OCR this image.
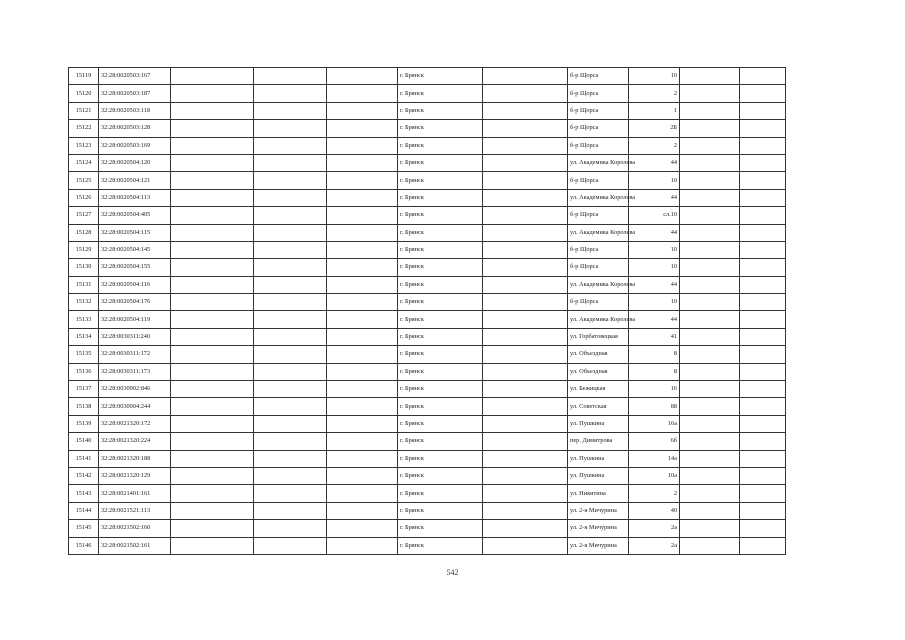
15119	32:28:0020503:167				г. Брянск		б-р Щорса	10		
15120	32:28:0020503:187				г. Брянск		б-р Щорса	2		
15121	32:28:0020503:118				г. Брянск		б-р Щорса	1		
15122	32:28:0020503:128				г. Брянск		б-р Щорса	2Б		
15123	32:28:0020503:169				г. Брянск		б-р Щорса	2		
15124	32:28:0020504:120				г. Брянск		ул. Академика Королева	44		
15125	32:28:0020504:121				г. Брянск		б-р Щорса	10		
15126	32:28:0020504:113				г. Брянск		ул. Академика Королева	44		
15127	32:28:0020504:405				г. Брянск		б-р Щорса	сл.10		
15128	32:28:0020504:115				г. Брянск		ул. Академика Королева	44		
15129	32:28:0020504:145				г. Брянск		б-р Щорса	10		
15130	32:28:0020504:155				г. Брянск		б-р Щорса	10		
15131	32:28:0020504:116				г. Брянск		ул. Академика Королева	44		
15132	32:28:0020504:176				г. Брянск		б-р Щорса	10		
15133	32:28:0020504:119				г. Брянск		ул. Академика Королева	44		
15134	32:28:0030311:240				г. Брянск		ул. Горбатовецкая	41		
15135	32:28:0030311:172				г. Брянск		ул. Объездная	8		
15136	32:28:0030311:173				г. Брянск		ул. Объездная	8		
15137	32:28:0030902:846				г. Брянск		ул. Бежицкая	16		
15138	32:28:0030904:244				г. Брянск		ул. Советская	88		
15139	32:28:0021320:172				г. Брянск		ул. Пушкина	16а		
15140	32:28:0021320:224				г. Брянск		пер. Димитрова	6б		
15141	32:28:0021320:188				г. Брянск		ул. Пушкина	14а		
15142	32:28:0021320:129				г. Брянск		ул. Пушкина	10а		
15143	32:28:0021401:161				г. Брянск		ул. Никитина	2		
15144	32:28:0021521:113				г. Брянск		ул. 2-я Мичурина	40		
15145	32:28:0021502:160				г. Брянск		ул. 2-я Мичурина	2а		
15146	32:28:0021502:161				г. Брянск		ул. 2-я Мичурина	2а		
542
